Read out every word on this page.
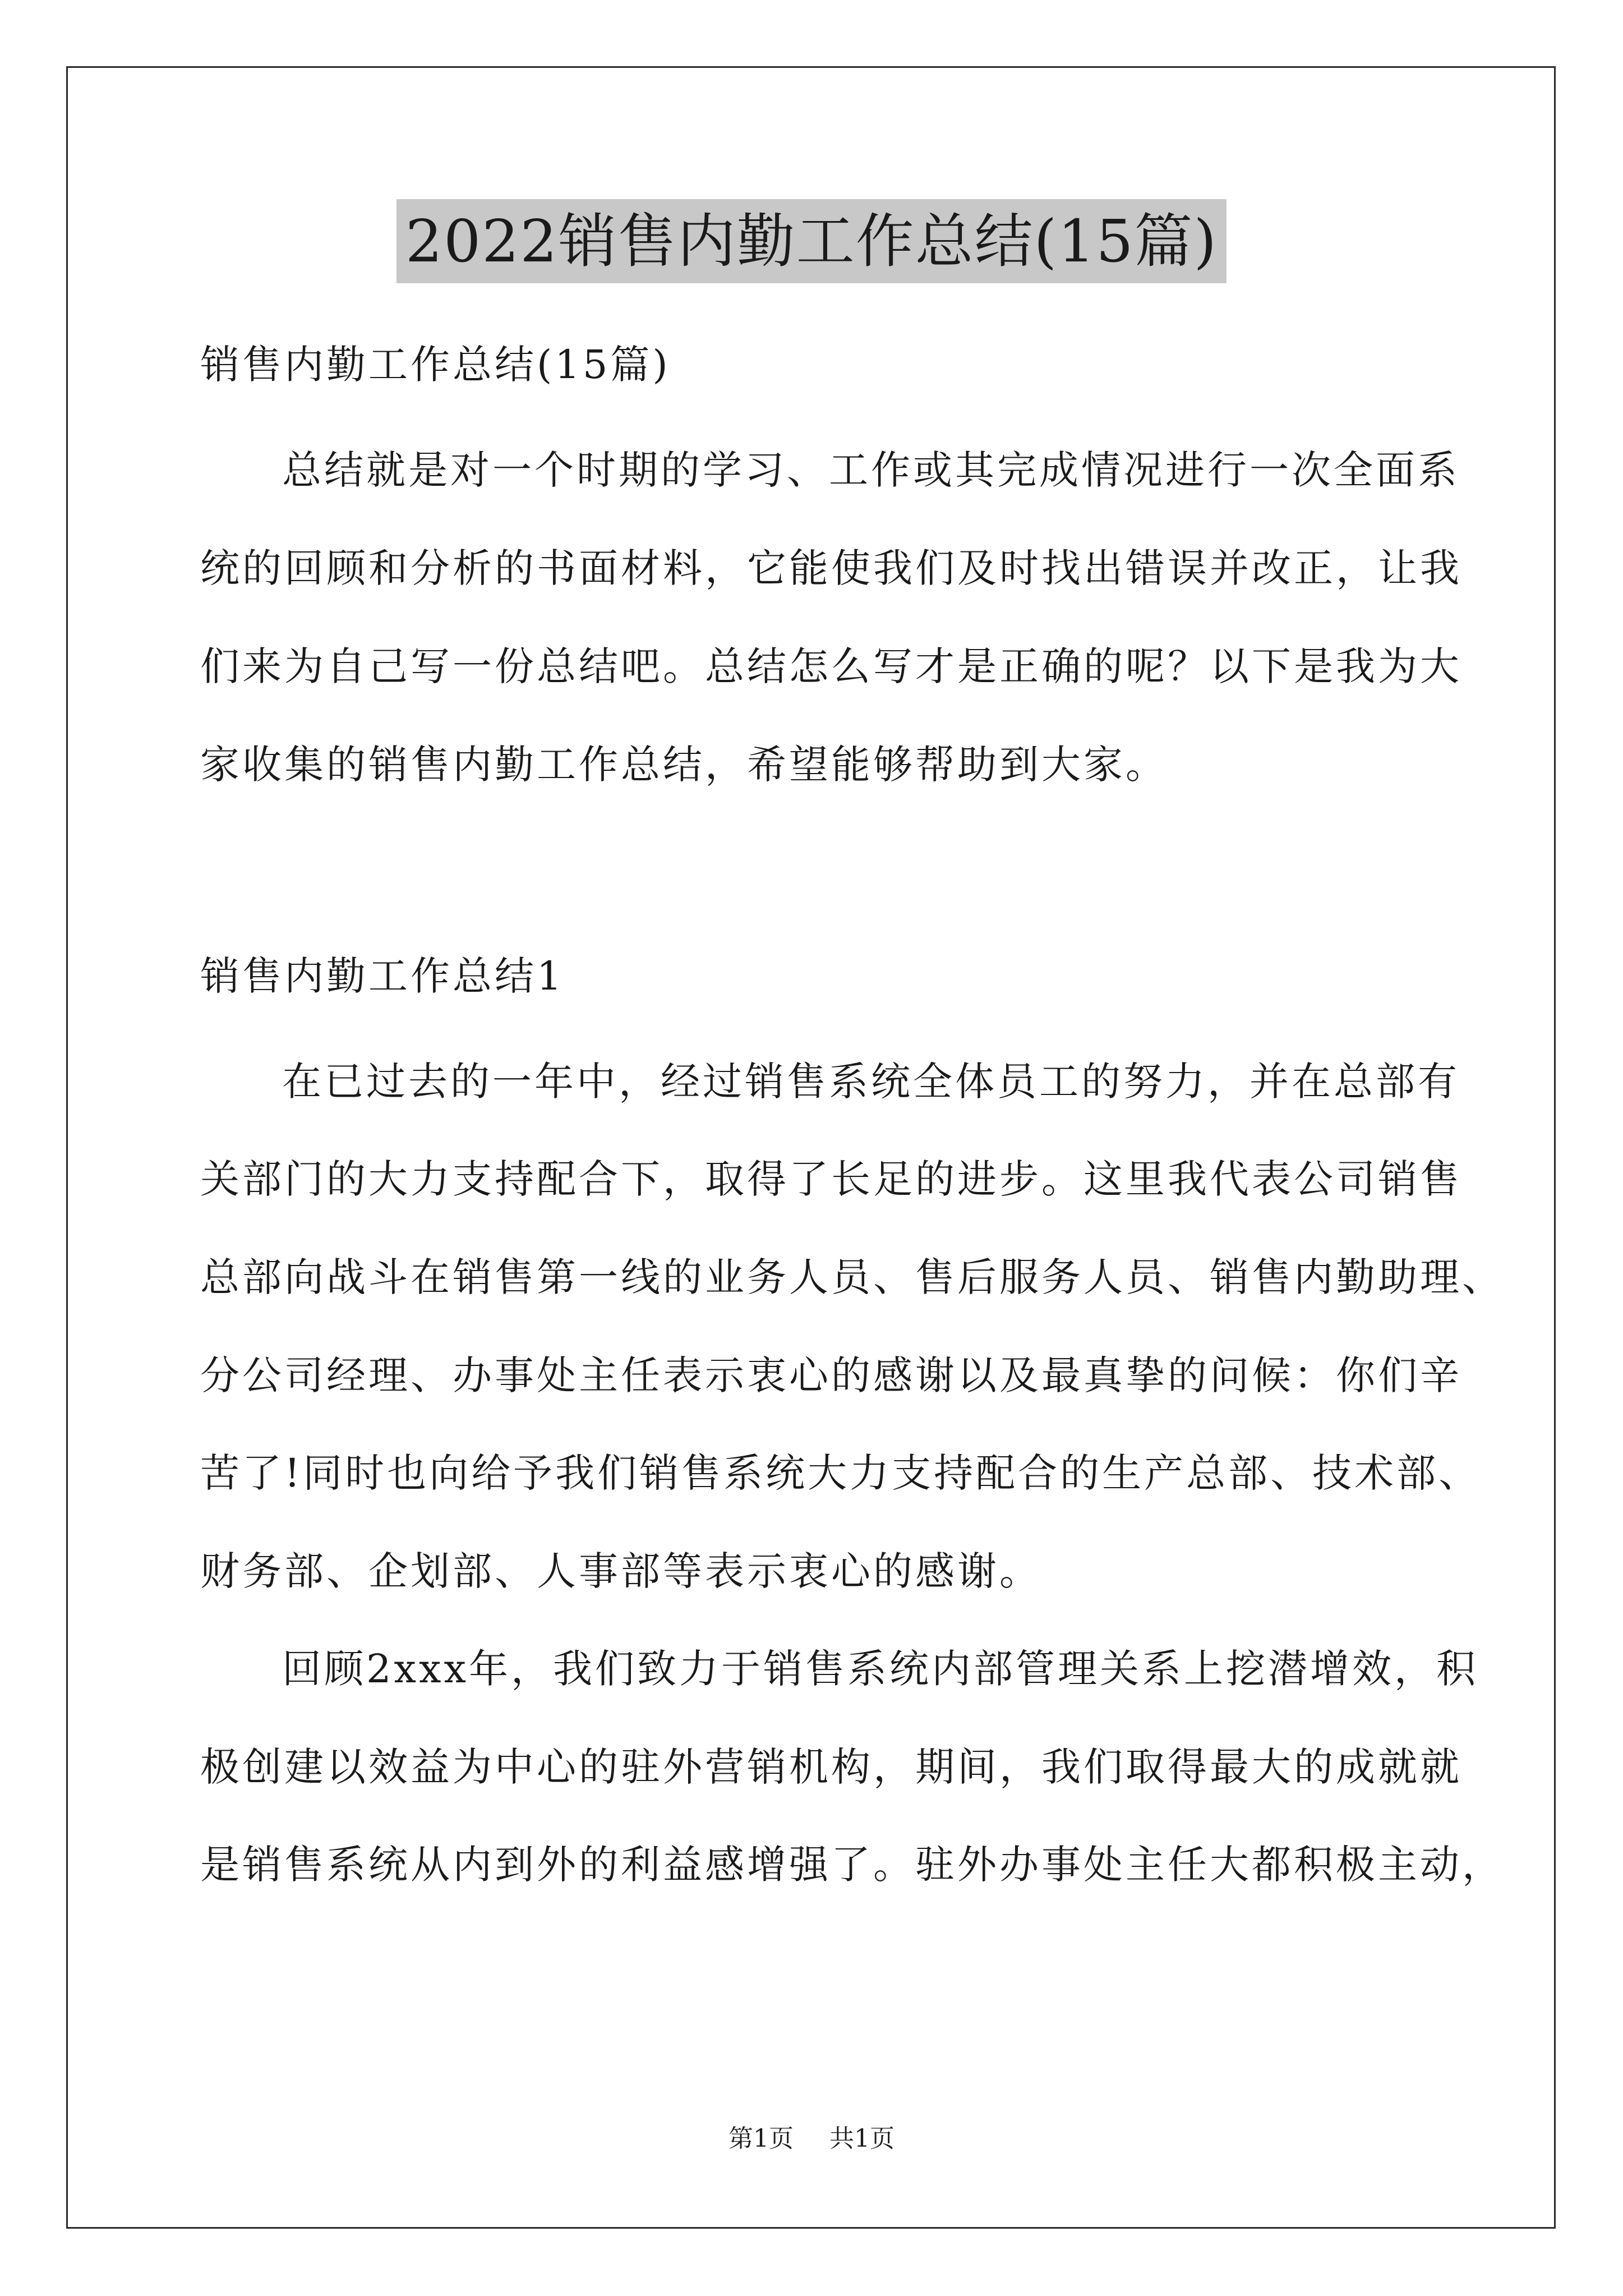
2022销售内勤工作总结(15篇)
销售内勤工作总结(15篇)
总结就是对一个时期的学习、工作或其完成情况进行一次全面系
统的回顾和分析的书面材料，它能使我们及时找出错误并改正，让我
们来为自己写一份总结吧。总结怎么写才是正确的呢？以下是我为大
家收集的销售内勤工作总结，希望能够帮助到大家。
销售内勤工作总结1
在已过去的一年中，经过销售系统全体员工的努力，并在总部有
关部门的大力支持配合下，取得了长足的进步。这里我代表公司销售
总部向战斗在销售第一线的业务人员、售后服务人员、销售内勤助理、
分公司经理、办事处主任表示衷心的感谢以及最真挚的问候：你们辛
苦了!同时也向给予我们销售系统大力支持配合的生产总部、技术部、
财务部、企划部、人事部等表示衷心的感谢。
回顾2xxx年，我们致力于销售系统内部管理关系上挖潜增效，积
极创建以效益为中心的驻外营销机构，期间，我们取得最大的成就就
是销售系统从内到外的利益感增强了。驻外办事处主任大都积极主动，
第1页 共1页
